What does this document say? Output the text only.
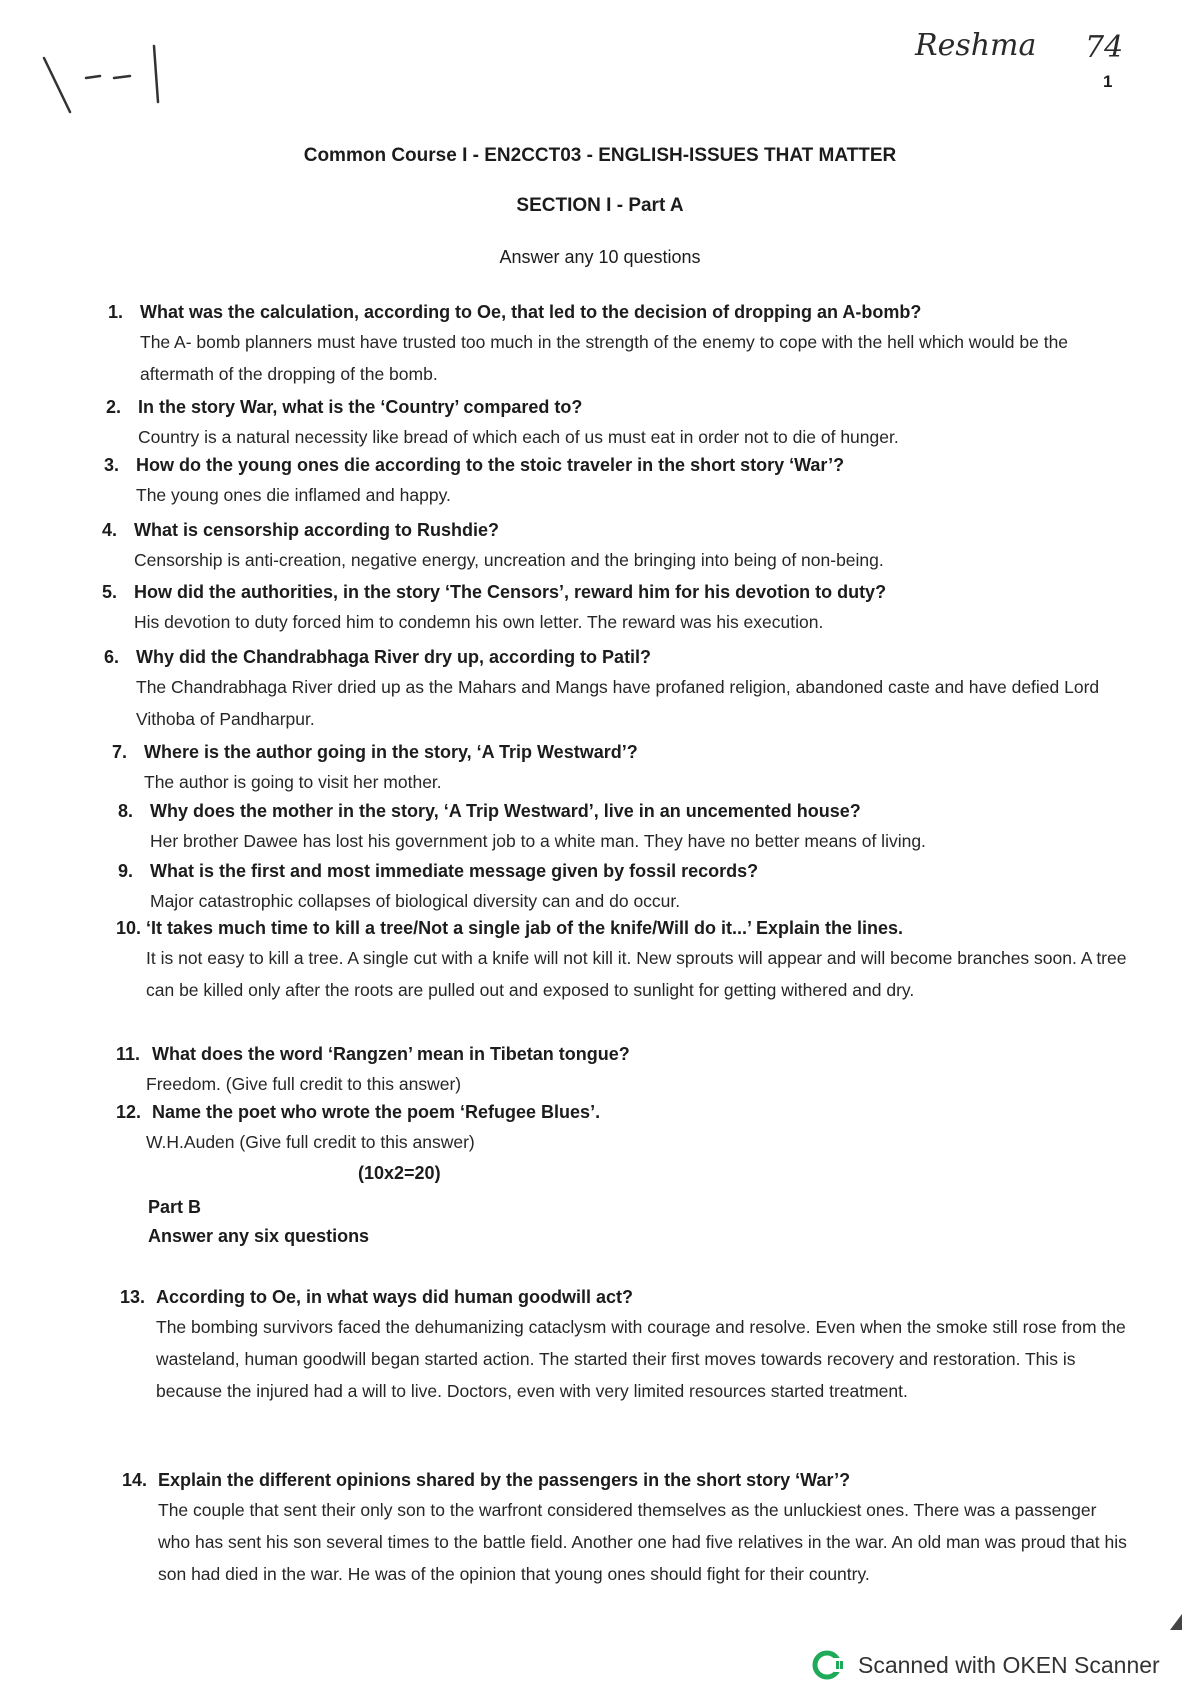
Reshma 74
1
Common Course I - EN2CCT03 - ENGLISH-ISSUES THAT MATTER
SECTION I - Part A
Answer any 10 questions
1. What was the calculation, according to Oe, that led to the decision of dropping an A-bomb?
The A- bomb planners must have trusted too much in the strength of the enemy to cope with the hell which would be the aftermath of the dropping of the bomb.
2. In the story War, what is the ‘Country’ compared to?
Country is a natural necessity like bread of which each of us must eat in order not to die of hunger.
3. How do the young ones die according to the stoic traveler in the short story ‘War’?
The young ones die inflamed and happy.
4. What is censorship according to Rushdie?
Censorship is anti-creation, negative energy, uncreation and the bringing into being of non-being.
5. How did the authorities, in the story ‘The Censors’, reward him for his devotion to duty?
His devotion to duty forced him to condemn his own letter. The reward was his execution.
6. Why did the Chandrabhaga River dry up, according to Patil?
The Chandrabhaga River dried up as the Mahars and Mangs have profaned religion, abandoned caste and have defied Lord Vithoba of Pandharpur.
7. Where is the author going in the story, ‘A Trip Westward’?
The author is going to visit her mother.
8. Why does the mother in the story, ‘A Trip Westward’, live in an uncemented house?
Her brother Dawee has lost his government job to a white man. They have no better means of living.
9. What is the first and most immediate message given by fossil records?
Major catastrophic collapses of biological diversity can and do occur.
10. ‘It takes much time to kill a tree/Not a single jab of the knife/Will do it...’ Explain the lines.
It is not easy to kill a tree. A single cut with a knife will not kill it. New sprouts will appear and will become branches soon. A tree can be killed only after the roots are pulled out and exposed to sunlight for getting withered and dry.
11. What does the word ‘Rangzen’ mean in Tibetan tongue?
Freedom. (Give full credit to this answer)
12. Name the poet who wrote the poem ‘Refugee Blues’.
W.H.Auden (Give full credit to this answer)
(10x2=20)
Part B
Answer any six questions
13. According to Oe, in what ways did human goodwill act?
The bombing survivors faced the dehumanizing cataclysm with courage and resolve. Even when the smoke still rose from the wasteland, human goodwill began started action. The started their first moves towards recovery and restoration. This is because the injured had a will to live. Doctors, even with very limited resources started treatment.
14. Explain the different opinions shared by the passengers in the short story ‘War’?
The couple that sent their only son to the warfront considered themselves as the unluckiest ones. There was a passenger who has sent his son several times to the battle field. Another one had five relatives in the war. An old man was proud that his son had died in the war. He was of the opinion that young ones should fight for their country.
Scanned with OKEN Scanner
